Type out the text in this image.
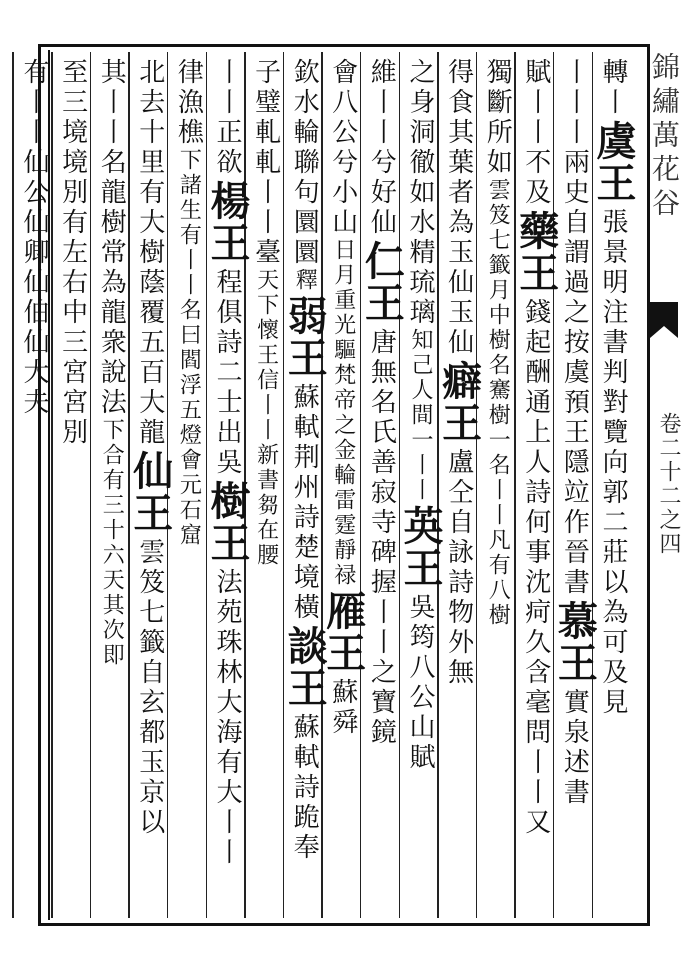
錦繡萬花谷
卷二十二之四
轉丨
虞王
張景明注書判對覽向郭二莊以為可及見
丨丨丨兩史自謂過之按虞預王隱竝作晉書
慕王
實泉述書
賦丨丨不及
藥王
錢起酬通上人詩何事沈疴久含毫問丨丨又
獨斷所如
雲笈七籤月中樹名騫樹一名丨丨凡有八樹
得食其葉者為玉仙玉仙
癖王
盧仝自詠詩物外無
之身洞徹如水精琉璃
知己人間一丨丨
英王
吳筠八公山賦
維丨丨兮好仙
仁王
唐無名氏善寂寺碑握丨丨之寶鏡
會八公兮小山
日月重光驅梵帝之金輪雷霆靜禄
雁王
蘇舜
欽水輪聯句圜圜
釋
弱王
蘇軾荆州詩楚境橫
談王
蘇軾詩跪奉
子璧軋軋丨丨臺
天下懷王信丨丨
新書芻在腰
丨丨正欲
楊王
程俱詩二士出吳
樹王
法苑珠林大海有大丨丨
律漁樵
下諸生有丨丨
名曰閻浮五燈會元石窟
北去十里有大樹蔭覆五百大龍
仙王
雲笈七籤自玄都玉京以
其丨丨名龍樹常為龍衆說法
下合有三十六天其次即
至三境境別有左右中三宮宮別
有丨丨仙公仙卿仙伯仙大夫
